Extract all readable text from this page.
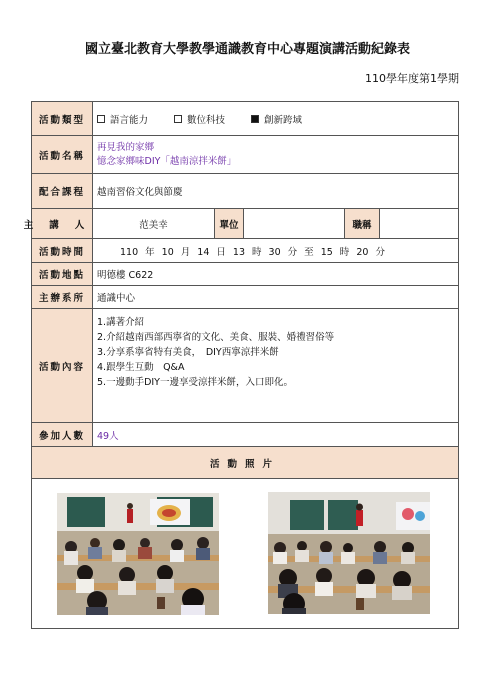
國立臺北教育大學教學通識教育中心專題演講活動紀錄表
110學年度第1學期
活動類型	語言能力	數位科技	創新跨域
活動名稱
再見我的家鄉
憶念家鄉味DIY「越南涼拌米餅」
配合課程	越南習俗文化與節慶
主講人	范美幸	單位	職稱
活動時間	110 年 10 月 14 日 13 時 30 分 至 15 時 20 分
活動地點	明德樓 C622
主辦系所	通識中心
活動內容
1.講著介紹
2.介紹越南西部西寧省的文化、美食、服裝、婚禮習俗等
3.分享系寧省特有美食，　DIY西寧涼拌米餅
4.跟學生互動　Q&A
5.一邊動手DIY一邊享受涼拌米餅，入口即化。
參加人數	49人
活動照片
